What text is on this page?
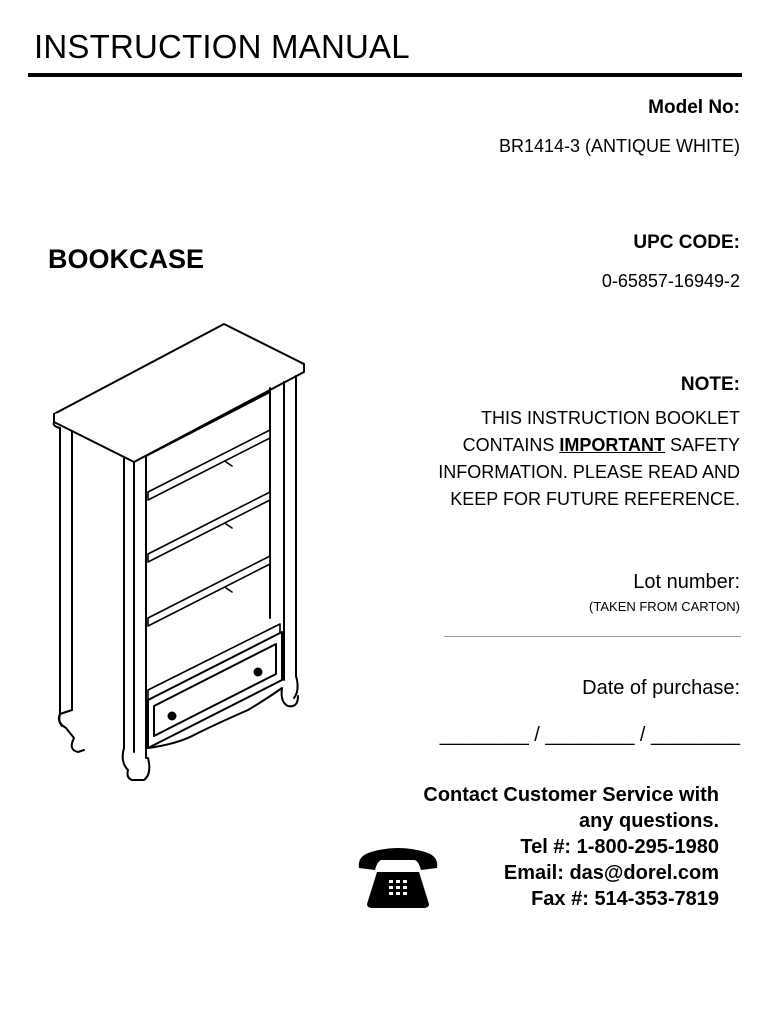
INSTRUCTION MANUAL
Model No:
BR1414-3 (ANTIQUE WHITE)
BOOKCASE
UPC CODE:
0-65857-16949-2
NOTE:
THIS INSTRUCTION BOOKLET
CONTAINS IMPORTANT SAFETY
INFORMATION. PLEASE READ AND
KEEP FOR FUTURE REFERENCE.
Lot number:
(TAKEN FROM CARTON)
Date of purchase:
________ / ________ / ________
Contact Customer Service with
any questions.
Tel #: 1-800-295-1980
Email: das@dorel.com
Fax #: 514-353-7819
